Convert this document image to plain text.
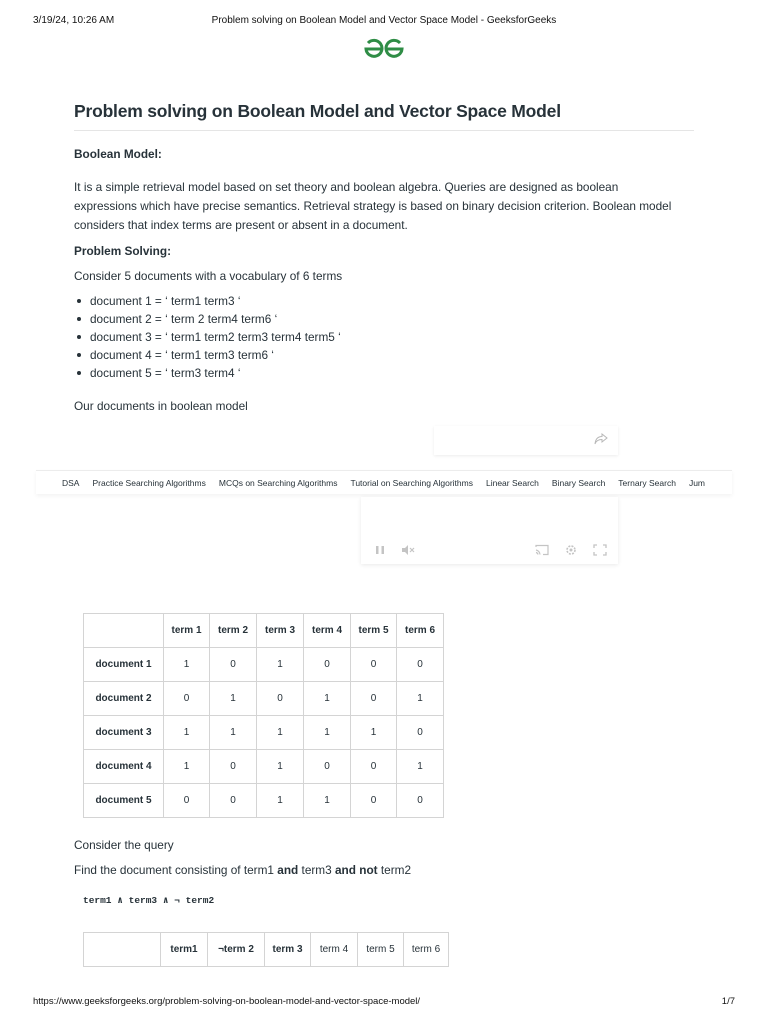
3/19/24, 10:26 AM	Problem solving on Boolean Model and Vector Space Model - GeeksforGeeks
Problem solving on Boolean Model and Vector Space Model

Boolean Model:

It is a simple retrieval model based on set theory and boolean algebra. Queries are designed as boolean expressions which have precise semantics. Retrieval strategy is based on binary decision criterion. Boolean model considers that index terms are present or absent in a document.

Problem Solving:

Consider 5 documents with a vocabulary of 6 terms

document 1 = ‘ term1 term3 ‘
document 2 = ‘ term 2 term4 term6 ‘
document 3 = ‘ term1 term2 term3 term4 term5 ‘
document 4 = ‘ term1 term3 term6 ‘
document 5 = ‘ term3 term4 ‘

Our documents in boolean model

DSA Practice Searching Algorithms MCQs on Searching Algorithms Tutorial on Searching Algorithms Linear Search Binary Search Ternary Search Jum
	term 1	term 2	term 3	term 4	term 5	term 6
document 1	1	0	1	0	0	0
document 2	0	1	0	1	0	1
document 3	1	1	1	1	1	0
document 4	1	0	1	0	0	1
document 5	0	0	1	1	0	0

Consider the query

Find the document consisting of term1 and term3 and not term2

term1 ∧ term3 ∧ ¬ term2
	term1	¬term 2	term 3	term 4	term 5	term 6
https://www.geeksforgeeks.org/problem-solving-on-boolean-model-and-vector-space-model/	1/7
